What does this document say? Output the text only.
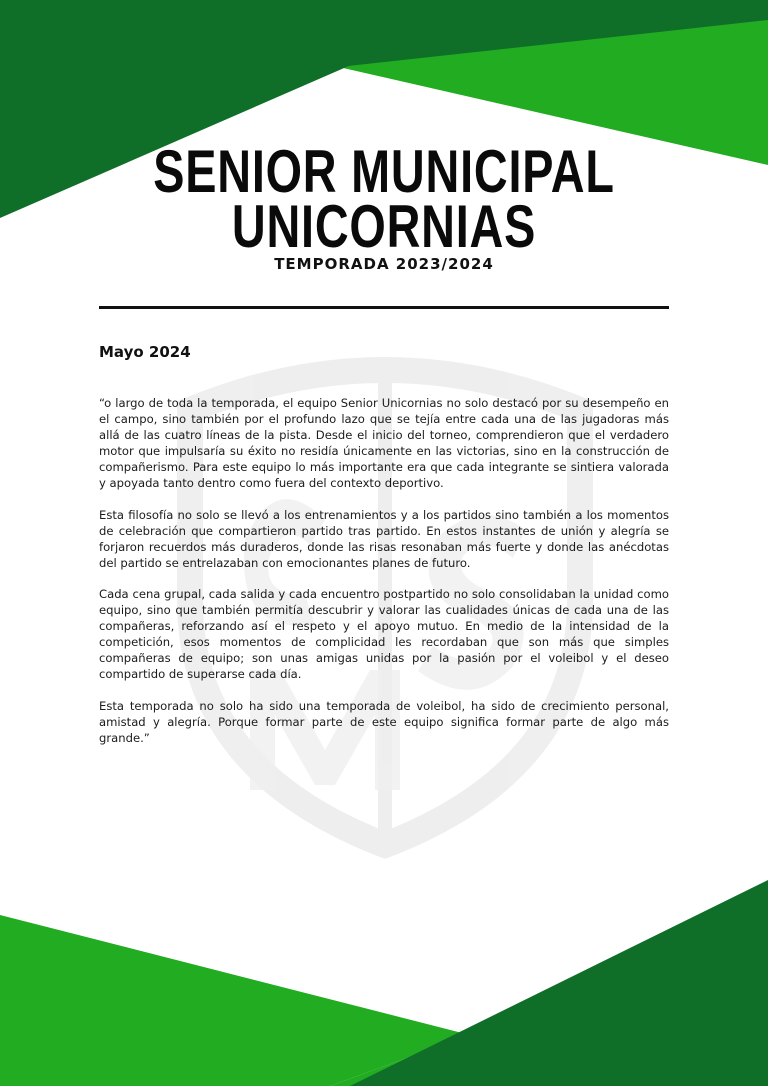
SENIOR MUNICIPAL
UNICORNIAS
TEMPORADA 2023/2024
Mayo 2024

“o largo de toda la temporada, el equipo Senior Unicornias no solo destacó por su desempeño en el campo, sino también por el profundo lazo que se tejía entre cada una de las jugadoras más allá de las cuatro líneas de la pista. Desde el inicio del torneo, comprendieron que el verdadero motor que impulsaría su éxito no residía únicamente en las victorias, sino en la construcción de compañerismo. Para este equipo lo más importante era que cada integrante se sintiera valorada y apoyada tanto dentro como fuera del contexto deportivo.

Esta filosofía no solo se llevó a los entrenamientos y a los partidos sino también a los momentos de celebración que compartieron partido tras partido. En estos instantes de unión y alegría se forjaron recuerdos más duraderos, donde las risas resonaban más fuerte y donde las anécdotas del partido se entrelazaban con emocionantes planes de futuro.

Cada cena grupal, cada salida y cada encuentro postpartido no solo consolidaban la unidad como equipo, sino que también permitía descubrir y valorar las cualidades únicas de cada una de las compañeras, reforzando así el respeto y el apoyo mutuo. En medio de la intensidad de la competición, esos momentos de complicidad les recordaban que son más que simples compañeras de equipo; son unas amigas unidas por la pasión por el voleibol y el deseo compartido de superarse cada día.

Esta temporada no solo ha sido una temporada de voleibol, ha sido de crecimiento personal, amistad y alegría. Porque formar parte de este equipo significa formar parte de algo más grande.”
